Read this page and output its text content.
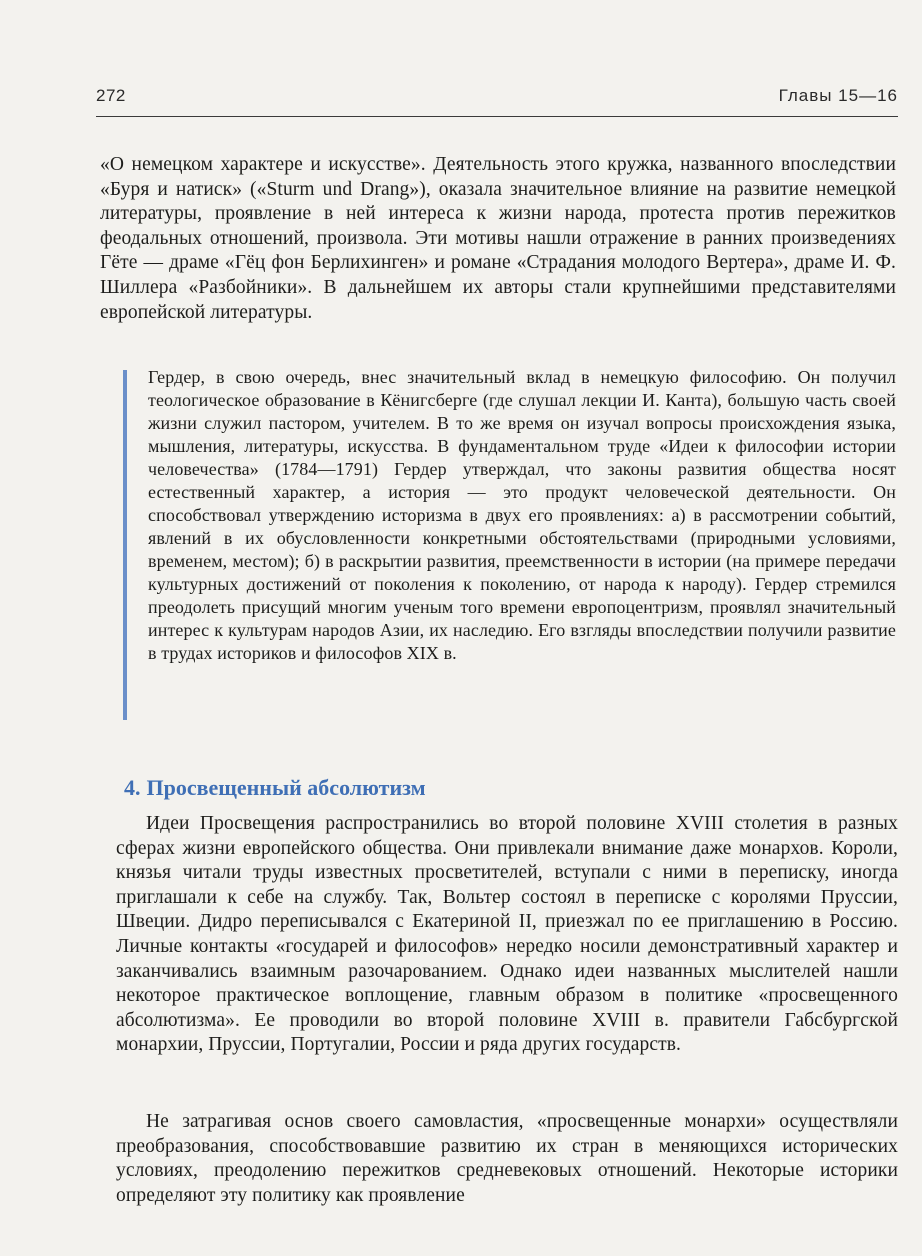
272	Главы 15—16

«О немецком характере и искусстве». Деятельность этого кружка, названного впоследствии «Буря и натиск» («Sturm und Drang»), оказала значительное влияние на развитие немецкой литературы, проявление в ней интереса к жизни народа, протеста против пережитков феодальных отношений, произвола. Эти мотивы нашли отражение в ранних произведениях Гёте — драме «Гёц фон Берлихинген» и романе «Страдания молодого Вертера», драме И. Ф. Шиллера «Разбойники». В дальнейшем их авторы стали крупнейшими представителями европейской литературы.

Гердер, в свою очередь, внес значительный вклад в немецкую философию. Он получил теологическое образование в Кёнигсберге (где слушал лекции И. Канта), большую часть своей жизни служил пастором, учителем. В то же время он изучал вопросы происхождения языка, мышления, литературы, искусства. В фундаментальном труде «Идеи к философии истории человечества» (1784—1791) Гердер утверждал, что законы развития общества носят естественный характер, а история — это продукт человеческой деятельности. Он способствовал утверждению историзма в двух его проявлениях: а) в рассмотрении событий, явлений в их обусловленности конкретными обстоятельствами (природными условиями, временем, местом); б) в раскрытии развития, преемственности в истории (на примере передачи культурных достижений от поколения к поколению, от народа к народу). Гердер стремился преодолеть присущий многим ученым того времени европоцентризм, проявлял значительный интерес к культурам народов Азии, их наследию. Его взгляды впоследствии получили развитие в трудах историков и философов XIX в.

4. Просвещенный абсолютизм

Идеи Просвещения распространились во второй половине XVIII столетия в разных сферах жизни европейского общества. Они привлекали внимание даже монархов. Короли, князья читали труды известных просветителей, вступали с ними в переписку, иногда приглашали к себе на службу. Так, Вольтер состоял в переписке с королями Пруссии, Швеции. Дидро переписывался с Екатериной II, приезжал по ее приглашению в Россию. Личные контакты «государей и философов» нередко носили демонстративный характер и заканчивались взаимным разочарованием. Однако идеи названных мыслителей нашли некоторое практическое воплощение, главным образом в политике «просвещенного абсолютизма». Ее проводили во второй половине XVIII в. правители Габсбургской монархии, Пруссии, Португалии, России и ряда других государств.

Не затрагивая основ своего самовластия, «просвещенные монархи» осуществляли преобразования, способствовавшие развитию их стран в меняющихся исторических условиях, преодолению пережитков средневековых отношений. Некоторые историки определяют эту политику как проявление
